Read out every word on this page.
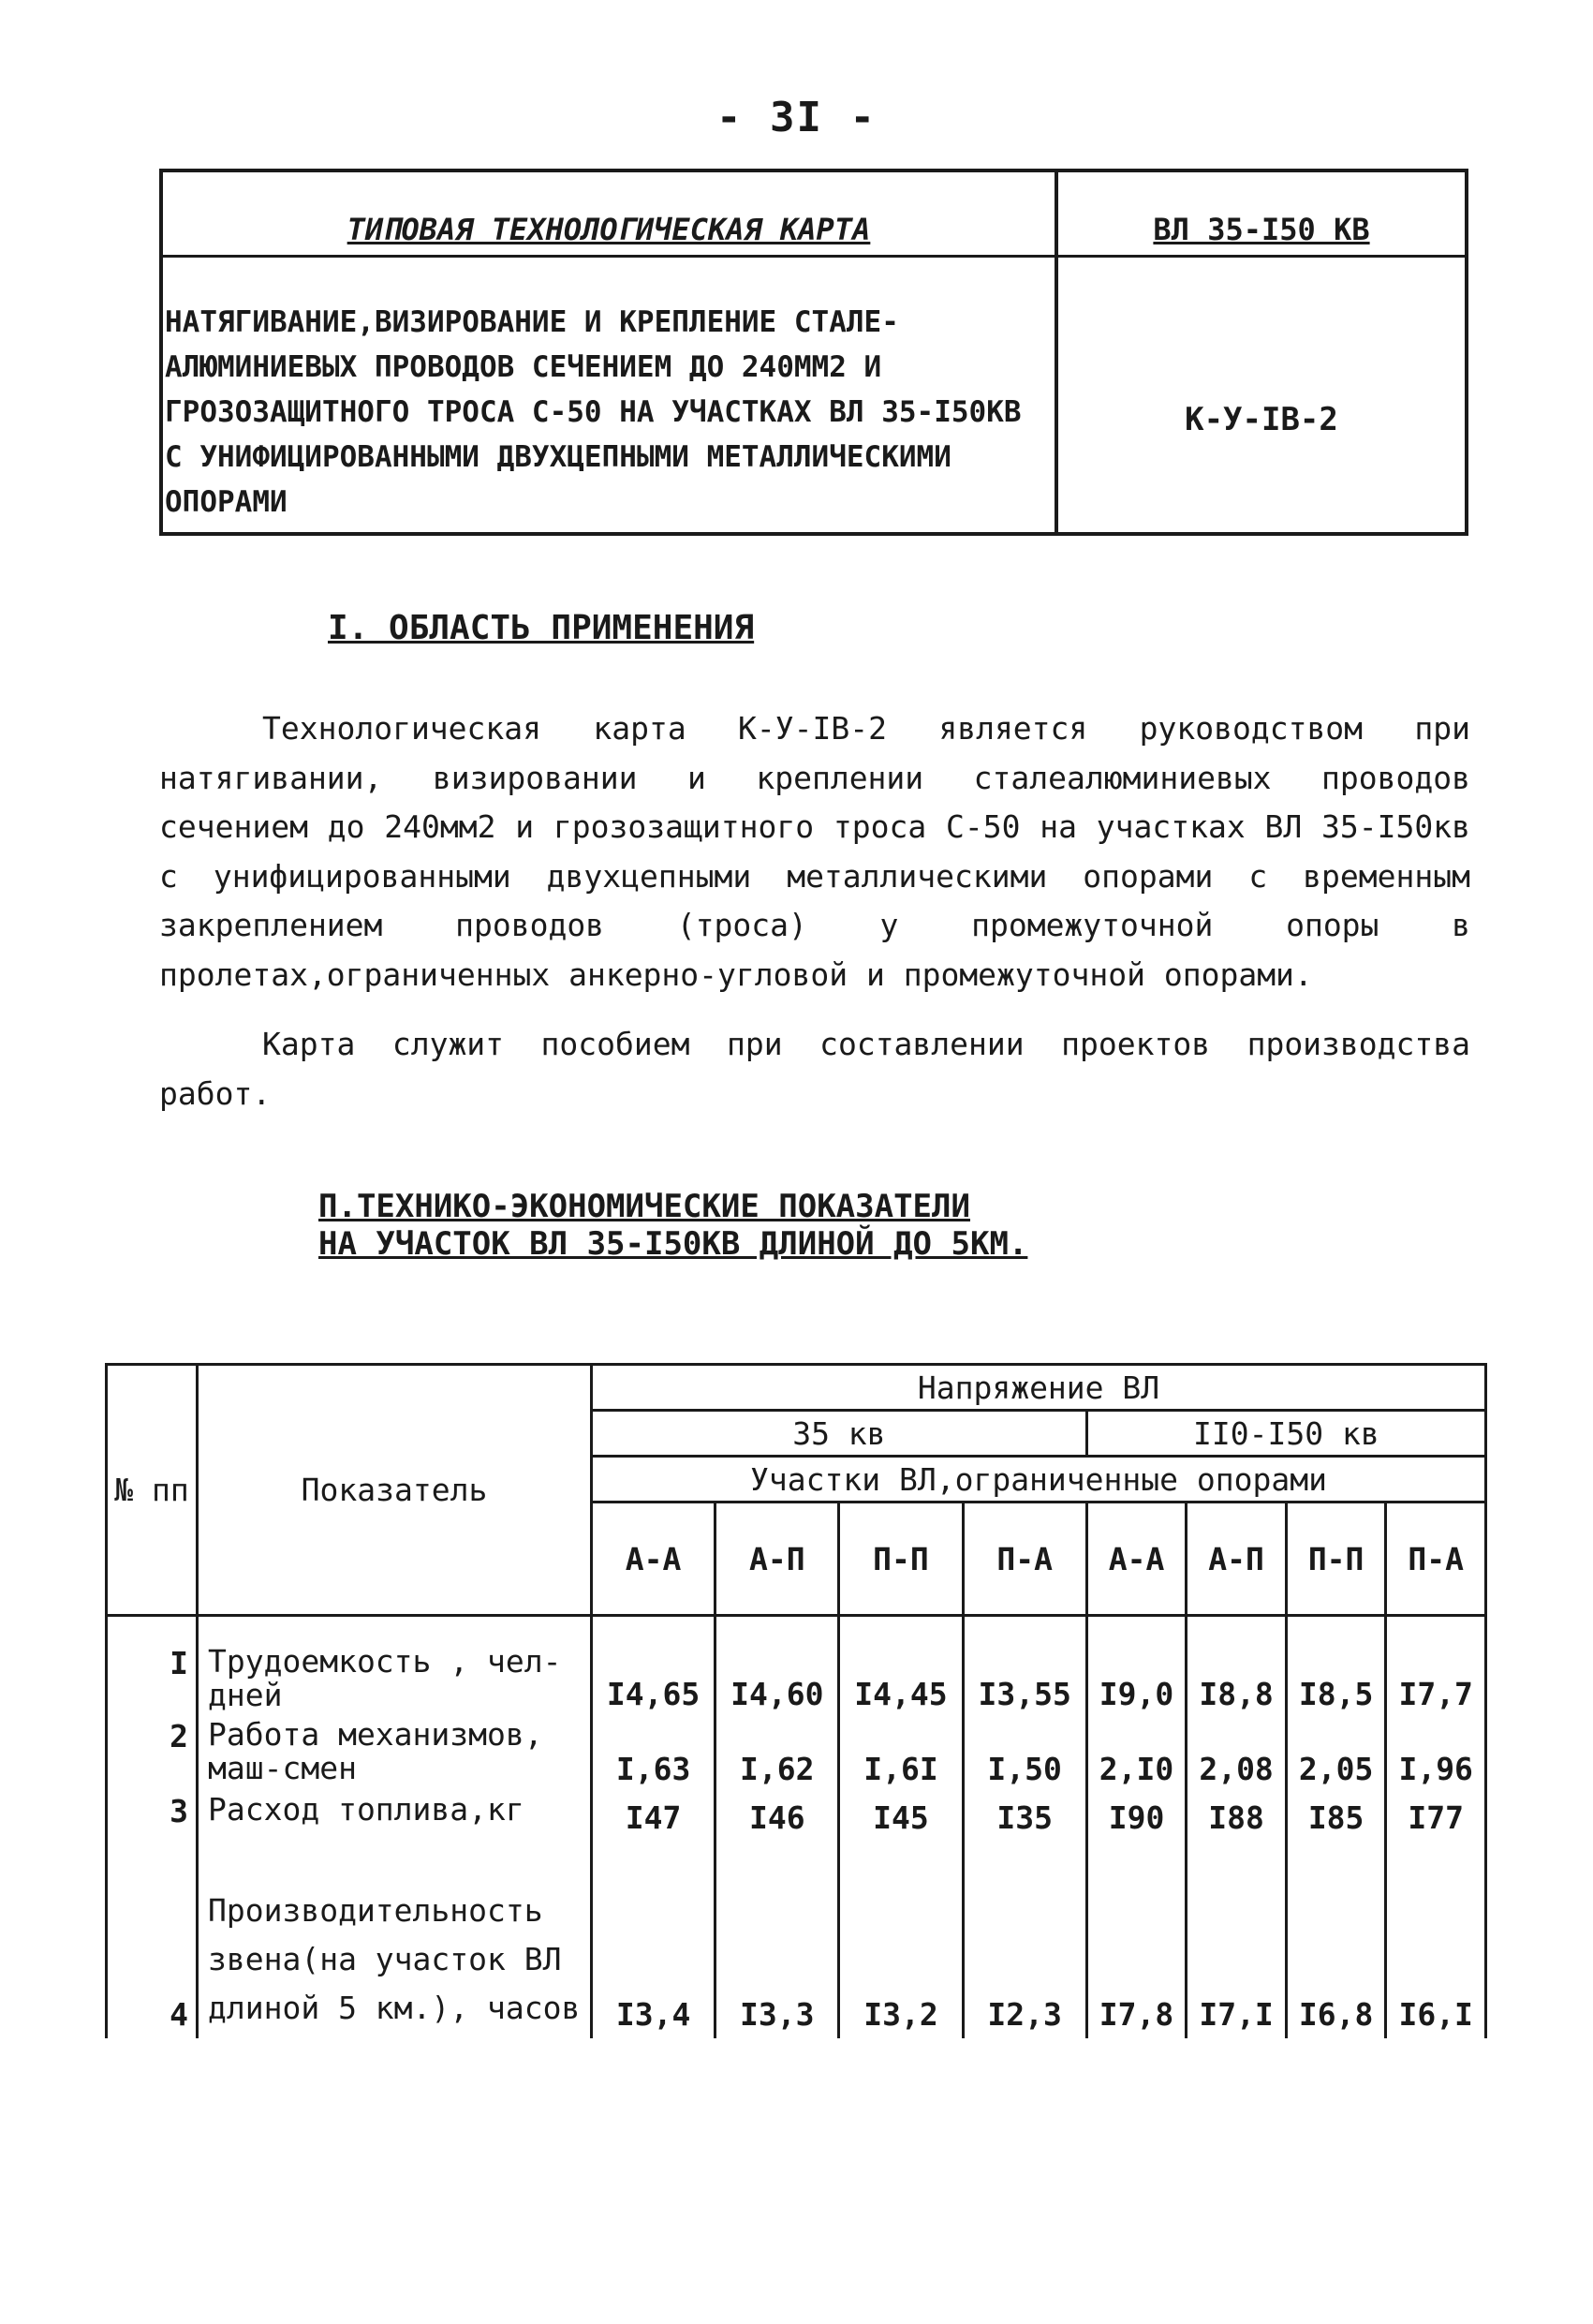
- 3I -
ТИПОВАЯ ТЕХНОЛОГИЧЕСКАЯ КАРТА	ВЛ 35-I50 КВ
НАТЯГИВАНИЕ,ВИЗИРОВАНИЕ И КРЕПЛЕНИЕ СТАЛЕ-АЛЮМИНИЕВЫХ ПРОВОДОВ СЕЧЕНИЕМ ДО 240ММ2 И ГРОЗОЗАЩИТНОГО ТРОСА С-50 НА УЧАСТКАХ ВЛ 35-I50КВ С УНИФИЦИРОВАННЫМИ ДВУХЦЕПНЫМИ МЕТАЛЛИЧЕСКИМИ ОПОРАМИ
К-У-IВ-2
I. ОБЛАСТЬ ПРИМЕНЕНИЯ
Технологическая карта К-У-IВ-2 является руководством при натягивании, визировании и креплении сталеалюминиевых проводов сечением до 240мм2 и грозозащитного троса С-50 на участках ВЛ 35-I50кв с унифицированными двухцепными металлическими опорами с временным закреплением проводов (троса) у промежуточной опоры в пролетах,ограниченных анкерно-угловой и промежуточной опорами.
Карта служит пособием при составлении проектов производства работ.
П.ТЕХНИКО-ЭКОНОМИЧЕСКИЕ ПОКАЗАТЕЛИ
НА УЧАСТОК ВЛ 35-I50КВ ДЛИНОЙ ДО 5КМ.
№ пп	Показатель	Напряжение ВЛ							
		35 кв				II0-I50 кв			
		Участки ВЛ,ограниченные опорами							
		А-А	А-П	П-П	П-А	А-А	А-П	П-П	П-А
I	Трудоемкость , чел-дней	I4,65	I4,60	I4,45	I3,55	I9,0	I8,8	I8,5	I7,7
2	Работа механизмов, маш-смен	I,63	I,62	I,6I	I,50	2,I0	2,08	2,05	I,96
3	Расход топлива,кг	I47	I46	I45	I35	I90	I88	I85	I77
4	Производительность звена(на участок ВЛ длиной 5 км.), часов	I3,4	I3,3	I3,2	I2,3	I7,8	I7,I	I6,8	I6,I
